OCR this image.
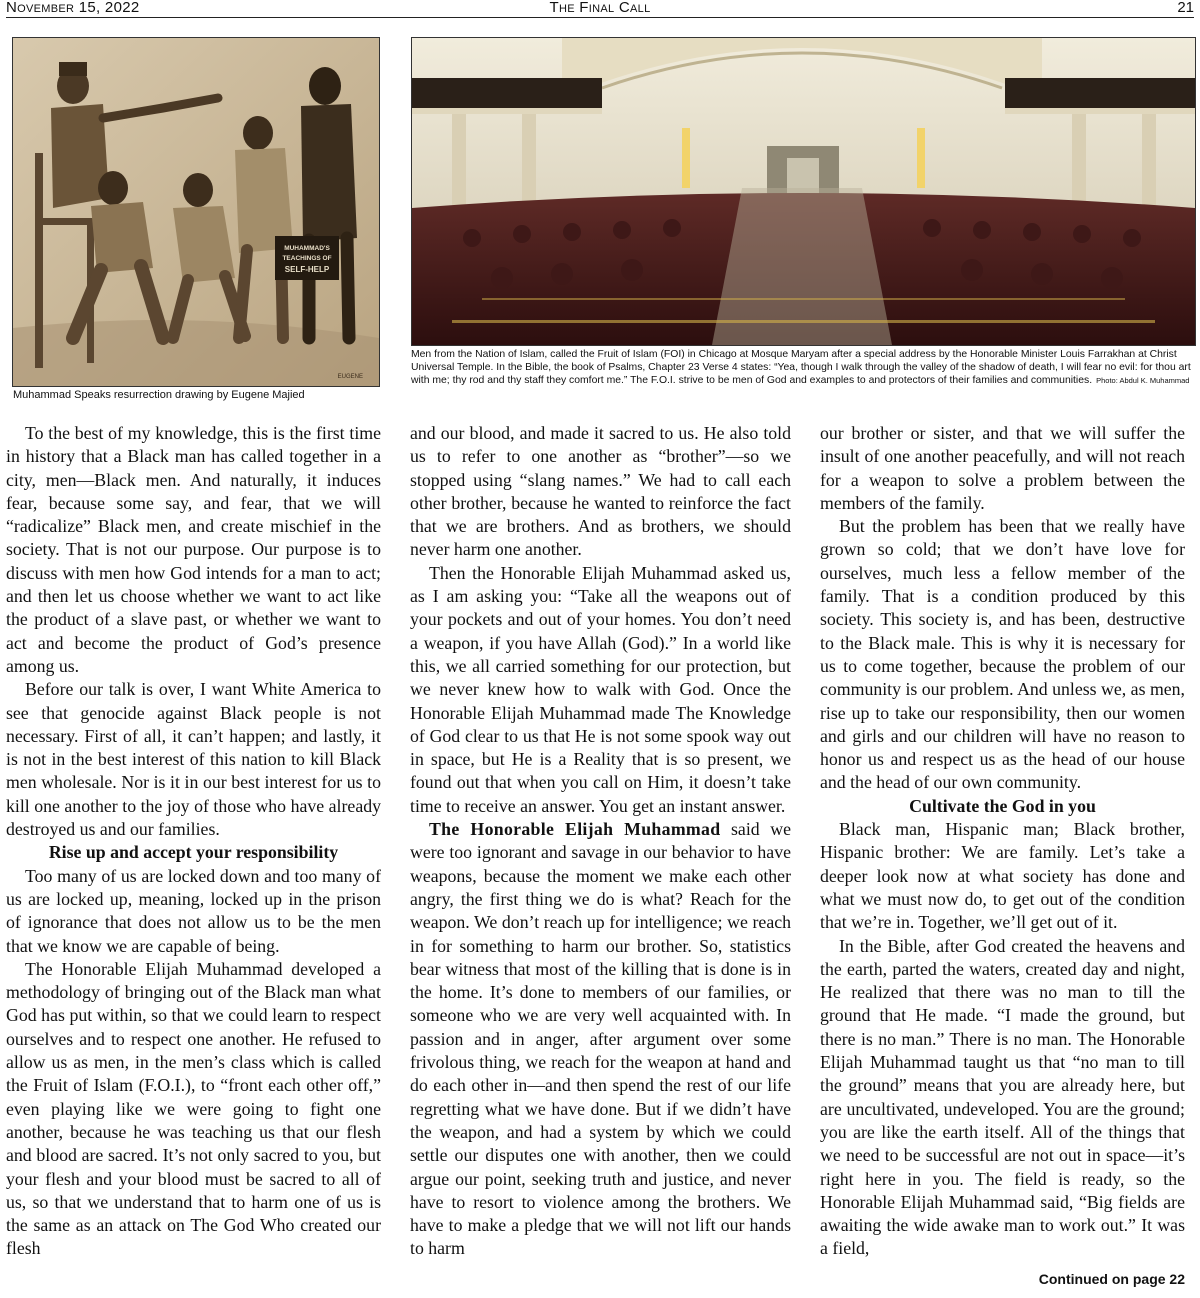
November 15, 2022	The Final Call	21
MUHAMMAD'S
TEACHINGS OF
SELF-HELP
EUGENE
Muhammad Speaks resurrection drawing by Eugene Majied
Men from the Nation of Islam, called the Fruit of Islam (FOI) in Chicago at Mosque Maryam after a special address by the Honorable Minister Louis Farrakhan at Christ Universal Temple. In the Bible, the book of Psalms, Chapter 23 Verse 4 states: “Yea, though I walk through the valley of the shadow of death, I will fear no evil: for thou art with me; thy rod and thy staff they comfort me.” The F.O.I. strive to be men of God and examples to and protectors of their families and communities. Photo: Abdul K. Muhammad

To the best of my knowledge, this is the first time in history that a Black man has called together in a city, men—Black men. And naturally, it induces fear, because some say, and fear, that we will “radicalize” Black men, and create mischief in the society. That is not our purpose. Our purpose is to discuss with men how God intends for a man to act; and then let us choose whether we want to act like the product of a slave past, or whether we want to act and become the product of God’s presence among us.

Before our talk is over, I want White America to see that genocide against Black people is not necessary. First of all, it can’t happen; and lastly, it is not in the best interest of this nation to kill Black men wholesale. Nor is it in our best interest for us to kill one another to the joy of those who have already destroyed us and our families.

Rise up and accept your responsibility

Too many of us are locked down and too many of us are locked up, meaning, locked up in the prison of ignorance that does not allow us to be the men that we know we are capable of being.

The Honorable Elijah Muhammad developed a methodology of bringing out of the Black man what God has put within, so that we could learn to respect ourselves and to respect one another. He refused to allow us as men, in the men’s class which is called the Fruit of Islam (F.O.I.), to “front each other off,” even playing like we were going to fight one another, because he was teaching us that our flesh and blood are sacred. It’s not only sacred to you, but your flesh and your blood must be sacred to all of us, so that we understand that to harm one of us is the same as an attack on The God Who created our flesh

and our blood, and made it sacred to us. He also told us to refer to one another as “brother”—so we stopped using “slang names.” We had to call each other brother, because he wanted to reinforce the fact that we are brothers. And as brothers, we should never harm one another.

Then the Honorable Elijah Muhammad asked us, as I am asking you: “Take all the weapons out of your pockets and out of your homes. You don’t need a weapon, if you have Allah (God).” In a world like this, we all carried something for our protection, but we never knew how to walk with God. Once the Honorable Elijah Muhammad made The Knowledge of God clear to us that He is not some spook way out in space, but He is a Reality that is so present, we found out that when you call on Him, it doesn’t take time to receive an answer. You get an instant answer.

The Honorable Elijah Muhammad said we were too ignorant and savage in our behavior to have weapons, because the moment we make each other angry, the first thing we do is what? Reach for the weapon. We don’t reach up for intelligence; we reach in for something to harm our brother. So, statistics bear witness that most of the killing that is done is in the home. It’s done to members of our families, or someone who we are very well acquainted with. In passion and in anger, after argument over some frivolous thing, we reach for the weapon at hand and do each other in—and then spend the rest of our life regretting what we have done. But if we didn’t have the weapon, and had a system by which we could settle our disputes one with another, then we could argue our point, seeking truth and justice, and never have to resort to violence among the brothers. We have to make a pledge that we will not lift our hands to harm

our brother or sister, and that we will suffer the insult of one another peacefully, and will not reach for a weapon to solve a problem between the members of the family.

But the problem has been that we really have grown so cold; that we don’t have love for ourselves, much less a fellow member of the family. That is a condition produced by this society. This society is, and has been, destructive to the Black male. This is why it is necessary for us to come together, because the problem of our community is our problem. And unless we, as men, rise up to take our responsibility, then our women and girls and our children will have no reason to honor us and respect us as the head of our house and the head of our own community.

Cultivate the God in you

Black man, Hispanic man; Black brother, Hispanic brother: We are family. Let’s take a deeper look now at what society has done and what we must now do, to get out of the condition that we’re in. Together, we’ll get out of it.

In the Bible, after God created the heavens and the earth, parted the waters, created day and night, He realized that there was no man to till the ground that He made. “I made the ground, but there is no man.” There is no man. The Honorable Elijah Muhammad taught us that “no man to till the ground” means that you are already here, but are uncultivated, undeveloped. You are the ground; you are like the earth itself. All of the things that we need to be successful are not out in space—it’s right here in you. The field is ready, so the Honorable Elijah Muhammad said, “Big fields are awaiting the wide awake man to work out.” It was a field,

Continued on page 22
